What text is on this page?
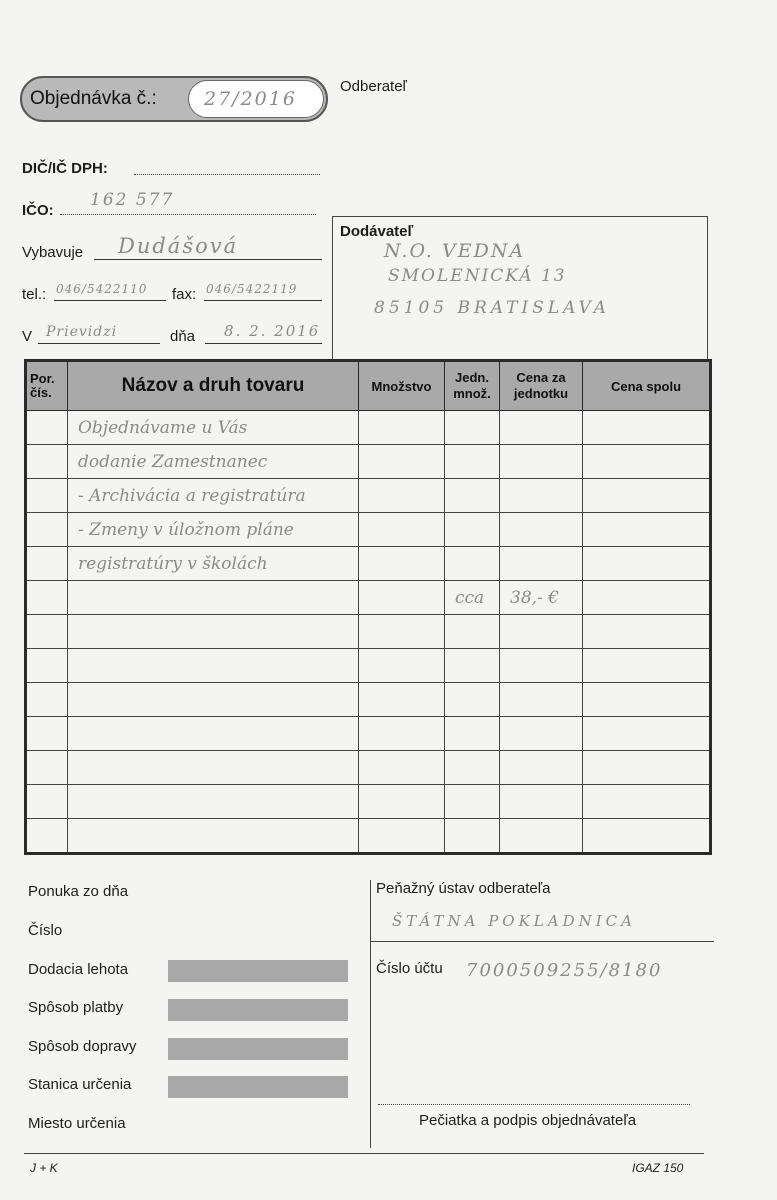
Objednávka č.: 27/2016
Odberateľ
DIČ/IČ DPH:
IČO:
162 577
Vybavuje Dudášová
tel.: 046/5422110 fax: 046/5422119
V Prievidzi	dňa 8. 2. 2016
Dodávateľ
N.O. VEDNA
SMOLENICKÁ 13
85105 BRATISLAVA
Por. čís.	Názov a druh tovaru	Množstvo	Jedn. množ.	Cena za jednotku	Cena spolu
	Objednávame u Vás				
	dodanie Zamestnanec				
	- Archivácia a registratúra				
	- Zmeny v úložnom pláne				
	registratúry v školách				
			cca	38,- €	

Ponuka zo dňa
Číslo
Dodacia lehota
Spôsob platby
Spôsob dopravy
Stanica určenia
Miesto určenia
Peňažný ústav odberateľa
ŠTÁTNA POKLADNICA
Číslo účtu 7000509255/8180
Pečiatka a podpis objednávateľa
J + K	IGAZ 150
